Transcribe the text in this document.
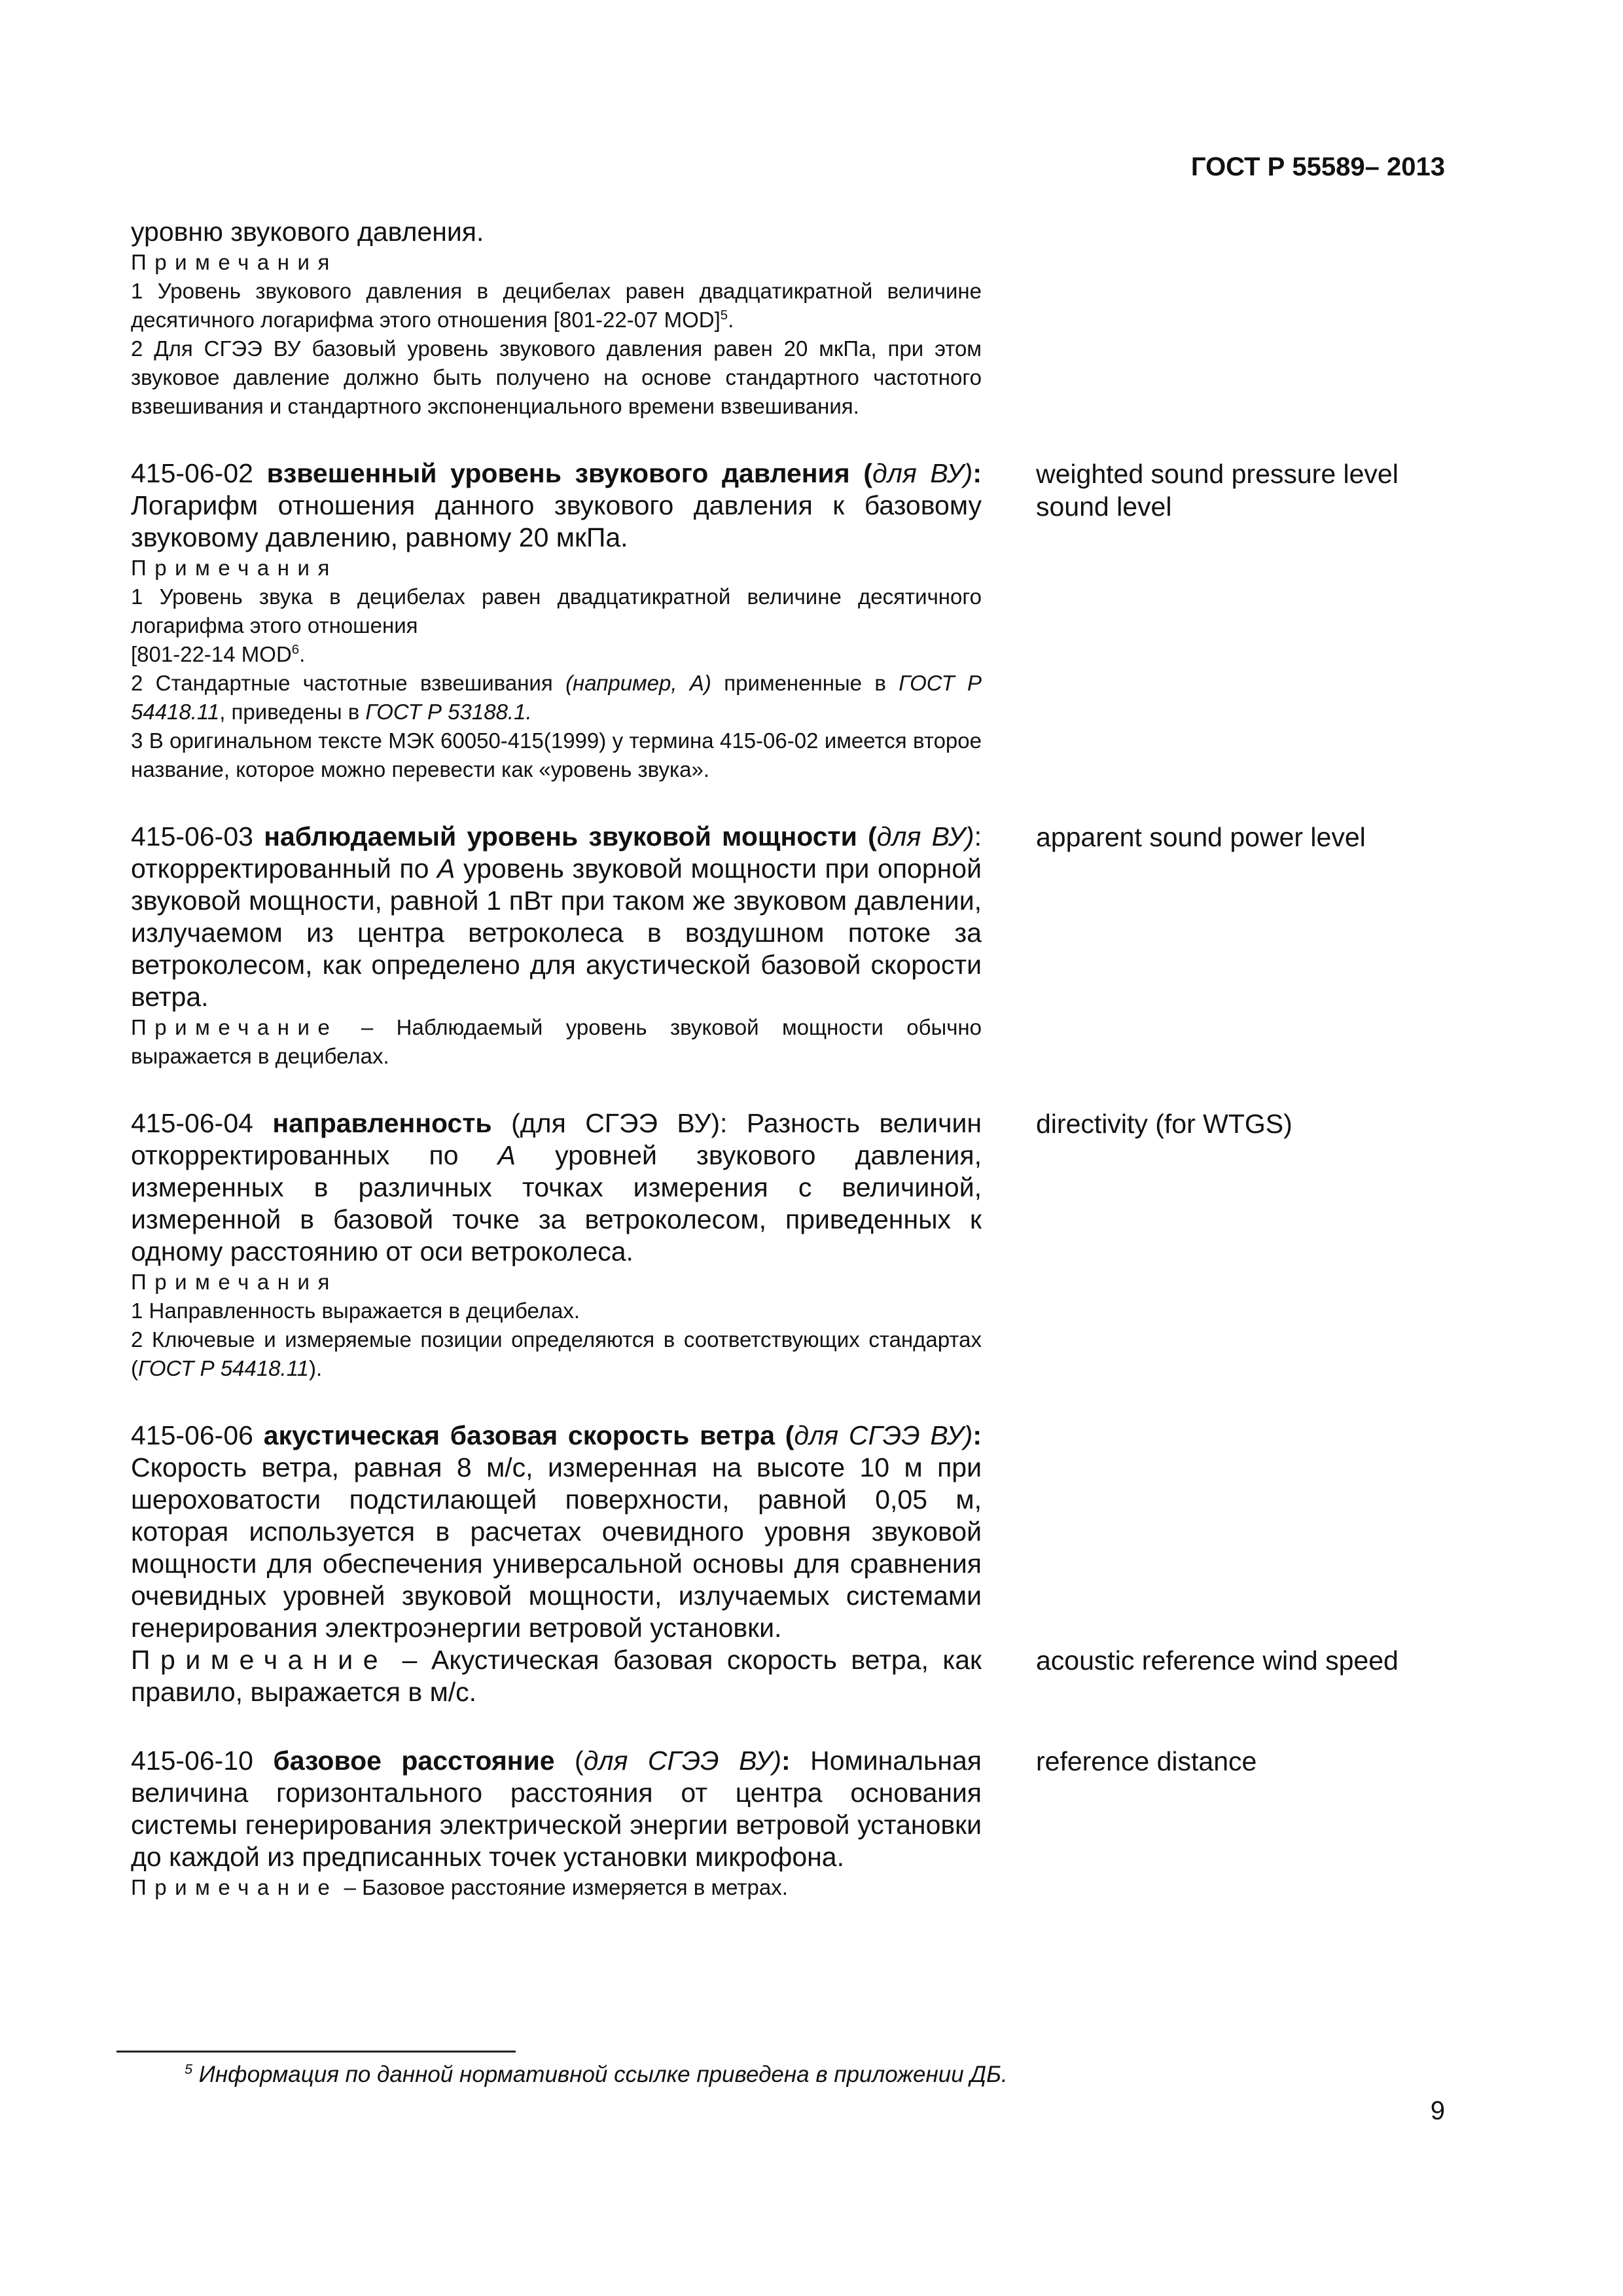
ГОСТ Р 55589– 2013
уровню звукового давления.
Примечания
1 Уровень звукового давления в децибелах равен двадцатикратной величине десятичного логарифма этого отношения [801-22-07 MOD]$^5$.
2 Для СГЭЭ ВУ базовый уровень звукового давления равен 20 мкПа, при этом звуковое давление должно быть получено на основе стандартного частотного взвешивания и стандартного экспоненциального времени взвешивания.
415-06-02 взвешенный уровень звукового давления (для ВУ): Логарифм отношения данного звукового давления к базовому звуковому давлению, равному 20 мкПа.
Примечания
1 Уровень звука в децибелах равен двадцатикратной величине десятичного логарифма этого отношения
[801-22-14 MOD$^6$.
2 Стандартные частотные взвешивания (например, А) примененные в ГОСТ Р 54418.11, приведены в ГОСТ Р 53188.1.
3 В оригинальном тексте МЭК 60050-415(1999) у термина 415-06-02 имеется второе название, которое можно перевести как «уровень звука».
415-06-03 наблюдаемый уровень звуковой мощности (для ВУ): откорректированный по А уровень звуковой мощности при опорной звуковой мощности, равной 1 пВт при таком же звуковом давлении, излучаемом из центра ветроколеса в воздушном потоке за ветроколесом, как определено для акустической базовой скорости ветра.
Примечание – Наблюдаемый уровень звуковой мощности обычно выражается в децибелах.
415-06-04 направленность (для СГЭЭ ВУ): Разность величин откорректированных по А уровней звукового давления, измеренных в различных точках измерения с величиной, измеренной в базовой точке за ветроколесом, приведенных к одному расстоянию от оси ветроколеса.
Примечания
1 Направленность выражается в децибелах.
2 Ключевые и измеряемые позиции определяются в соответствующих стандартах (ГОСТ Р 54418.11).
415-06-06 акустическая базовая скорость ветра (для СГЭЭ ВУ): Скорость ветра, равная 8 м/с, измеренная на высоте 10 м при шероховатости подстилающей поверхности, равной 0,05 м, которая используется в расчетах очевидного уровня звуковой мощности для обеспечения универсальной основы для сравнения очевидных уровней звуковой мощности, излучаемых системами генерирования электроэнергии ветровой установки.
Примечание – Акустическая базовая скорость ветра, как правило, выражается в м/с.
415-06-10 базовое расстояние (для СГЭЭ ВУ): Номинальная величина горизонтального расстояния от центра основания системы генерирования электрической энергии ветровой установки до каждой из предписанных точек установки микрофона.
Примечание – Базовое расстояние измеряется в метрах.
weighted sound pressure level
sound level
apparent sound power level
directivity (for WTGS)
acoustic reference wind speed
reference distance
$^5$ Информация по данной нормативной ссылке приведена в приложении ДБ.
9
